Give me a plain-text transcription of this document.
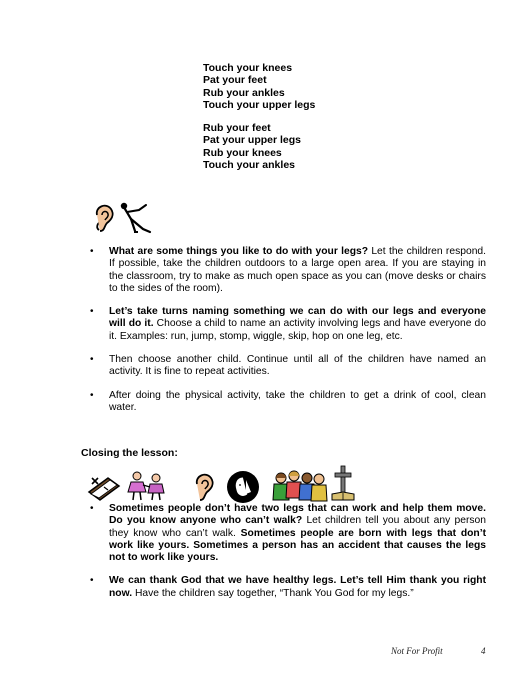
Touch your knees
Pat your feet
Rub your ankles
Touch your upper legs
Rub your feet
Pat your upper legs
Rub your knees
Touch your ankles
• What are some things you like to do with your legs? Let the children respond. If possible, take the children outdoors to a large open area. If you are staying in the classroom, try to make as much open space as you can (move desks or chairs to the sides of the room).
• Let’s take turns naming something we can do with our legs and everyone will do it. Choose a child to name an activity involving legs and have everyone do it. Examples: run, jump, stomp, wiggle, skip, hop on one leg, etc.
• Then choose another child. Continue until all of the children have named an activity. It is fine to repeat activities.
• After doing the physical activity, take the children to get a drink of cool, clean water.
Closing the lesson:
• Sometimes people don’t have two legs that can work and help them move. Do you know anyone who can’t walk? Let children tell you about any person they know who can’t walk. Sometimes people are born with legs that don’t work like yours. Sometimes a person has an accident that causes the legs not to work like yours.
• We can thank God that we have healthy legs. Let’s tell Him thank you right now. Have the children say together, “Thank You God for my legs.”
Not For Profit	4
